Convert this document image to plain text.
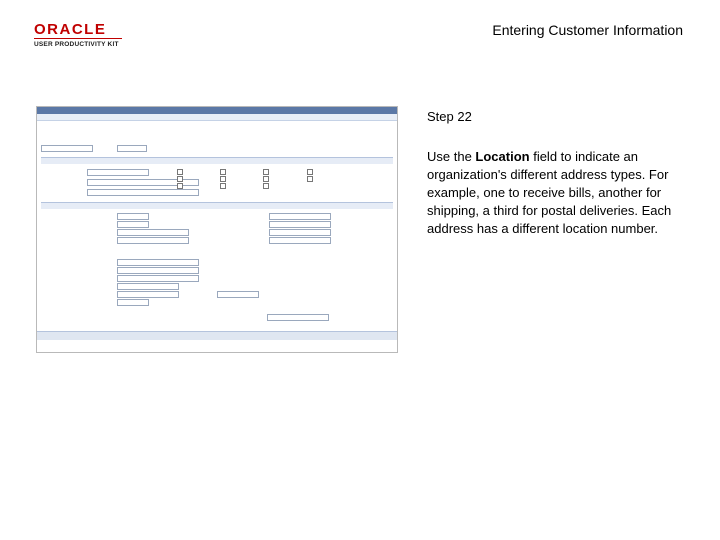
ORACLE
USER PRODUCTIVITY KIT
Entering Customer Information
Step 22
Use the Location field to indicate an organization's different address types. For example, one to receive bills, another for shipping, a third for postal deliveries. Each address has a different location number.
